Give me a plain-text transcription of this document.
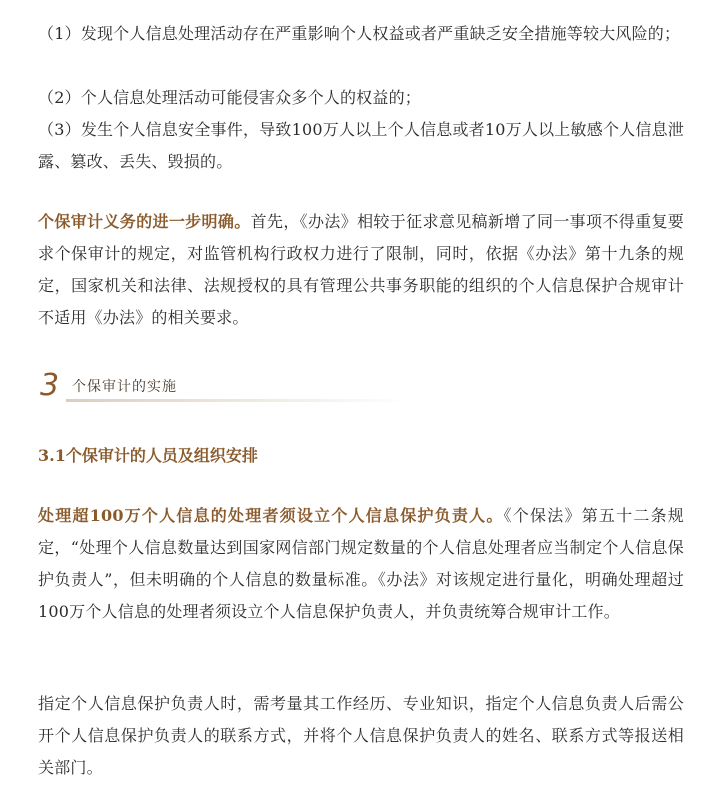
（1）发现个人信息处理活动存在严重影响个人权益或者严重缺乏安全措施等较大风险的；

（2）个人信息处理活动可能侵害众多个人的权益的；

（3）发生个人信息安全事件，导致100万人以上个人信息或者10万人以上敏感个人信息泄露、篡改、丢失、毁损的。

个保审计义务的进一步明确。首先，《办法》相较于征求意见稿新增了同一事项不得重复要求个保审计的规定，对监管机构行政权力进行了限制，同时，依据《办法》第十九条的规定，国家机关和法律、法规授权的具有管理公共事务职能的组织的个人信息保护合规审计不适用《办法》的相关要求。

3 个保审计的实施
3.1个保审计的人员及组织安排

处理超100万个人信息的处理者须设立个人信息保护负责人。《个保法》第五十二条规定，“处理个人信息数量达到国家网信部门规定数量的个人信息处理者应当制定个人信息保护负责人”，但未明确的个人信息的数量标准。《办法》对该规定进行量化，明确处理超过100万个人信息的处理者须设立个人信息保护负责人，并负责统筹合规审计工作。

指定个人信息保护负责人时，需考量其工作经历、专业知识，指定个人信息负责人后需公开个人信息保护负责人的联系方式，并将个人信息保护负责人的姓名、联系方式等报送相关部门。
